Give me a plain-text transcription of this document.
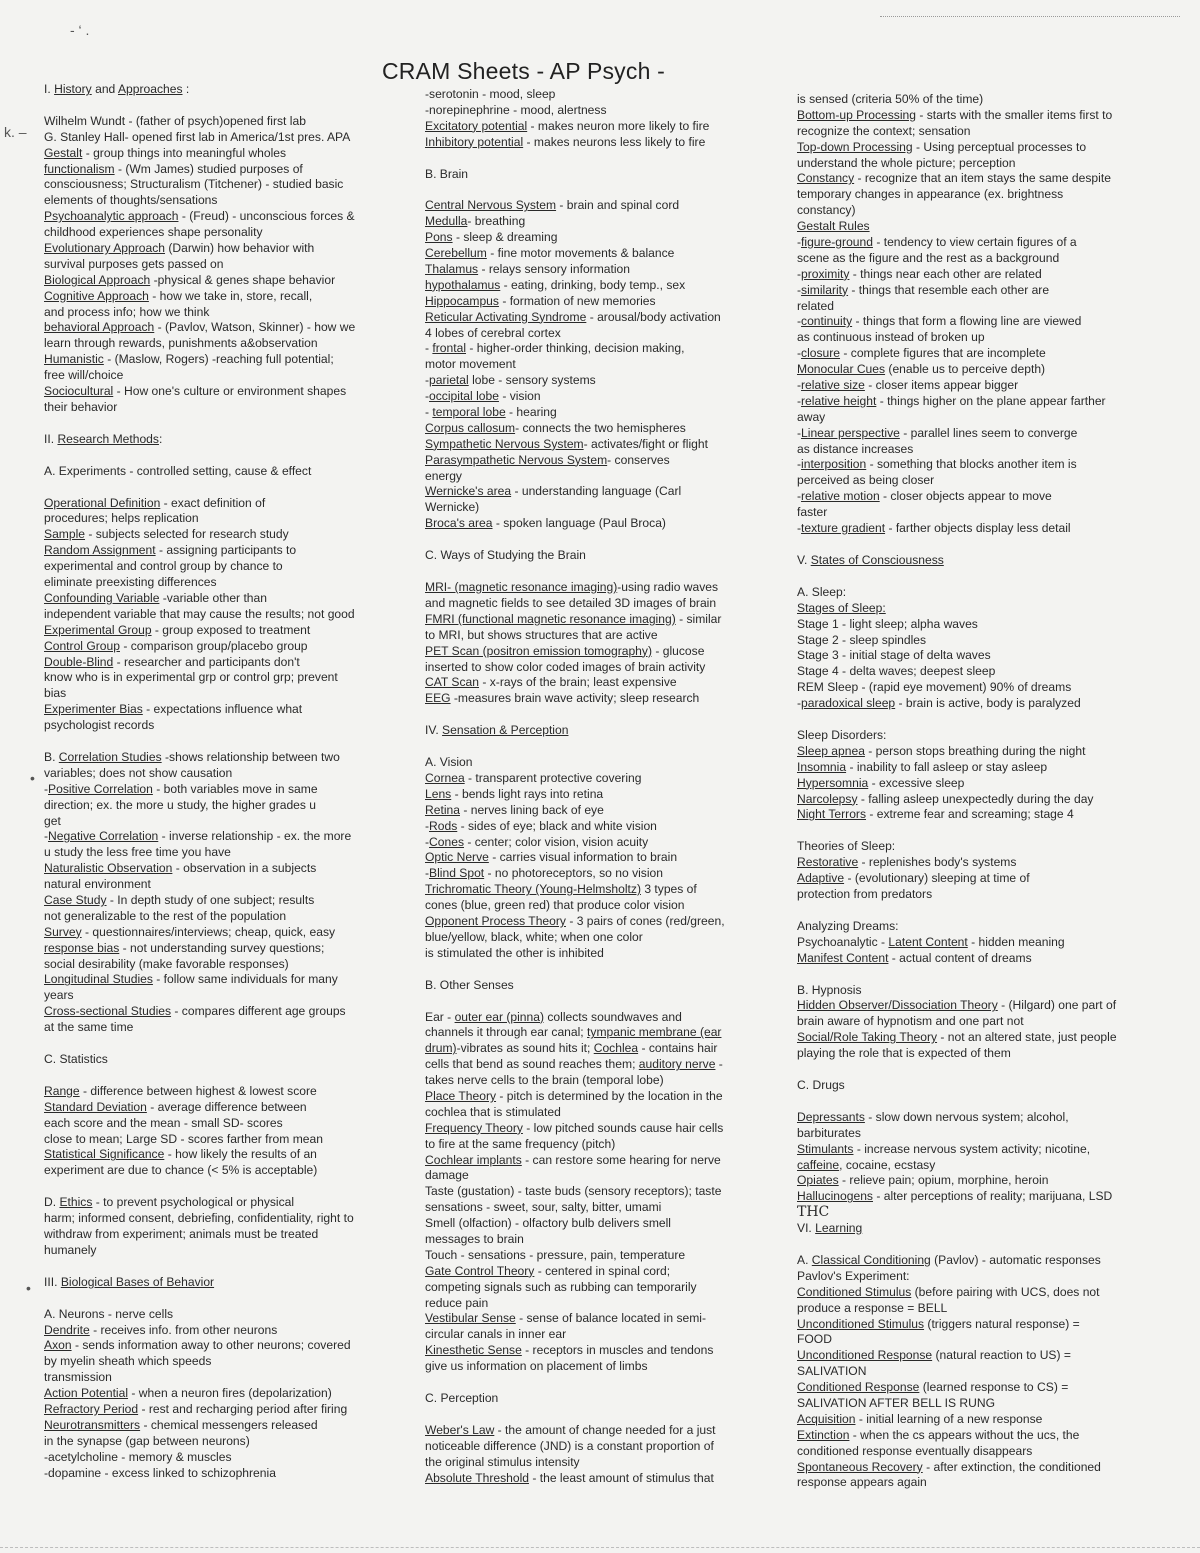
- ‘ .
k. –
•
•
CRAM Sheets - AP Psych -
I. History and Approaches :
Wilhelm Wundt - (father of psych)opened first lab
G. Stanley Hall- opened first lab in America/1st pres. APA
Gestalt - group things into meaningful wholes
functionalism - (Wm James) studied purposes of
consciousness; Structuralism (Titchener) - studied basic
elements of thoughts/sensations
Psychoanalytic approach - (Freud) - unconscious forces &
childhood experiences shape personality
Evolutionary Approach (Darwin) how behavior with
survival purposes gets passed on
Biological Approach -physical & genes shape behavior
Cognitive Approach - how we take in, store, recall,
and process info; how we think
behavioral Approach - (Pavlov, Watson, Skinner) - how we
learn through rewards, punishments a&observation
Humanistic - (Maslow, Rogers) -reaching full potential;
free will/choice
Sociocultural - How one's culture or environment shapes
their behavior
II. Research Methods:
A. Experiments - controlled setting, cause & effect
Operational Definition - exact definition of
procedures; helps replication
Sample - subjects selected for research study
Random Assignment - assigning participants to
experimental and control group by chance to
eliminate preexisting differences
Confounding Variable -variable other than
independent variable that may cause the results; not good
Experimental Group - group exposed to treatment
Control Group - comparison group/placebo group
Double-Blind - researcher and participants don't
know who is in experimental grp or control grp; prevent
bias
Experimenter Bias - expectations influence what
psychologist records
B. Correlation Studies -shows relationship between two
variables; does not show causation
-Positive Correlation - both variables move in same
direction; ex. the more u study, the higher grades u
get
-Negative Correlation - inverse relationship - ex. the more
u study the less free time you have
Naturalistic Observation - observation in a subjects
natural environment
Case Study - In depth study of one subject; results
not generalizable to the rest of the population
Survey - questionnaires/interviews; cheap, quick, easy
response bias - not understanding survey questions;
social desirability (make favorable responses)
Longitudinal Studies - follow same individuals for many
years
Cross-sectional Studies - compares different age groups
at the same time
C. Statistics
Range - difference between highest & lowest score
Standard Deviation - average difference between
each score and the mean - small SD- scores
close to mean; Large SD - scores farther from mean
Statistical Significance - how likely the results of an
experiment are due to chance (< 5% is acceptable)
D. Ethics - to prevent psychological or physical
harm; informed consent, debriefing, confidentiality, right to
withdraw from experiment; animals must be treated
humanely
III. Biological Bases of Behavior
A. Neurons - nerve cells
Dendrite - receives info. from other neurons
Axon - sends information away to other neurons; covered
by myelin sheath which speeds
transmission
Action Potential - when a neuron fires (depolarization)
Refractory Period - rest and recharging period after firing
Neurotransmitters - chemical messengers released
in the synapse (gap between neurons)
-acetylcholine - memory & muscles
-dopamine - excess linked to schizophrenia
-serotonin - mood, sleep
-norepinephrine - mood, alertness
Excitatory potential - makes neuron more likely to fire
Inhibitory potential - makes neurons less likely to fire
B. Brain
Central Nervous System - brain and spinal cord
Medulla- breathing
Pons - sleep & dreaming
Cerebellum - fine motor movements & balance
Thalamus - relays sensory information
hypothalamus - eating, drinking, body temp., sex
Hippocampus - formation of new memories
Reticular Activating Syndrome - arousal/body activation
4 lobes of cerebral cortex
- frontal - higher-order thinking, decision making,
motor movement
-parietal lobe - sensory systems
-occipital lobe - vision
- temporal lobe - hearing
Corpus callosum- connects the two hemispheres
Sympathetic Nervous System- activates/fight or flight
Parasympathetic Nervous System- conserves
energy
Wernicke's area - understanding language (Carl
Wernicke)
Broca's area - spoken language (Paul Broca)
C. Ways of Studying the Brain
MRI- (magnetic resonance imaging)-using radio waves
and magnetic fields to see detailed 3D images of brain
FMRI (functional magnetic resonance imaging) - similar
to MRI, but shows structures that are active
PET Scan (positron emission tomography) - glucose
inserted to show color coded images of brain activity
CAT Scan - x-rays of the brain; least expensive
EEG -measures brain wave activity; sleep research
IV. Sensation & Perception
A. Vision
Cornea - transparent protective covering
Lens - bends light rays into retina
Retina - nerves lining back of eye
-Rods - sides of eye; black and white vision
-Cones - center; color vision, vision acuity
Optic Nerve - carries visual information to brain
-Blind Spot - no photoreceptors, so no vision
Trichromatic Theory (Young-Helmsholtz) 3 types of
cones (blue, green red) that produce color vision
Opponent Process Theory - 3 pairs of cones (red/green,
blue/yellow, black, white; when one color
is stimulated the other is inhibited
B. Other Senses
Ear - outer ear (pinna) collects soundwaves and
channels it through ear canal; tympanic membrane (ear
drum)-vibrates as sound hits it; Cochlea - contains hair
cells that bend as sound reaches them; auditory nerve -
takes nerve cells to the brain (temporal lobe)
Place Theory - pitch is determined by the location in the
cochlea that is stimulated
Frequency Theory - low pitched sounds cause hair cells
to fire at the same frequency (pitch)
Cochlear implants - can restore some hearing for nerve
damage
Taste (gustation) - taste buds (sensory receptors); taste
sensations - sweet, sour, salty, bitter, umami
Smell (olfaction) - olfactory bulb delivers smell
messages to brain
Touch - sensations - pressure, pain, temperature
Gate Control Theory - centered in spinal cord;
competing signals such as rubbing can temporarily
reduce pain
Vestibular Sense - sense of balance located in semi-
circular canals in inner ear
Kinesthetic Sense - receptors in muscles and tendons
give us information on placement of limbs
C. Perception
Weber's Law - the amount of change needed for a just
noticeable difference (JND) is a constant proportion of
the original stimulus intensity
Absolute Threshold - the least amount of stimulus that
is sensed (criteria 50% of the time)
Bottom-up Processing - starts with the smaller items first to
recognize the context; sensation
Top-down Processing - Using perceptual processes to
understand the whole picture; perception
Constancy - recognize that an item stays the same despite
temporary changes in appearance (ex. brightness
constancy)
Gestalt Rules
-figure-ground - tendency to view certain figures of a
scene as the figure and the rest as a background
-proximity - things near each other are related
-similarity - things that resemble each other are
related
-continuity - things that form a flowing line are viewed
as continuous instead of broken up
-closure - complete figures that are incomplete
Monocular Cues (enable us to perceive depth)
-relative size - closer items appear bigger
-relative height - things higher on the plane appear farther
away
-Linear perspective - parallel lines seem to converge
as distance increases
-interposition - something that blocks another item is
perceived as being closer
-relative motion - closer objects appear to move
faster
-texture gradient - farther objects display less detail
V. States of Consciousness
A. Sleep:
Stages of Sleep:
Stage 1 - light sleep; alpha waves
Stage 2 - sleep spindles
Stage 3 - initial stage of delta waves
Stage 4 - delta waves; deepest sleep
REM Sleep - (rapid eye movement) 90% of dreams
-paradoxical sleep - brain is active, body is paralyzed
Sleep Disorders:
Sleep apnea - person stops breathing during the night
Insomnia - inability to fall asleep or stay asleep
Hypersomnia - excessive sleep
Narcolepsy - falling asleep unexpectedly during the day
Night Terrors - extreme fear and screaming; stage 4
Theories of Sleep:
Restorative - replenishes body's systems
Adaptive - (evolutionary) sleeping at time of
protection from predators
Analyzing Dreams:
Psychoanalytic - Latent Content - hidden meaning
Manifest Content - actual content of dreams
B. Hypnosis
Hidden Observer/Dissociation Theory - (Hilgard) one part of
brain aware of hypnotism and one part not
Social/Role Taking Theory - not an altered state, just people
playing the role that is expected of them
C. Drugs
Depressants - slow down nervous system; alcohol,
barbiturates
Stimulants - increase nervous system activity; nicotine,
caffeine, cocaine, ecstasy
Opiates - relieve pain; opium, morphine, heroin
Hallucinogens - alter perceptions of reality; marijuana, LSD
THC
VI. Learning
A. Classical Conditioning (Pavlov) - automatic responses
Pavlov's Experiment:
Conditioned Stimulus (before pairing with UCS, does not
produce a response = BELL
Unconditioned Stimulus (triggers natural response) =
FOOD
Unconditioned Response (natural reaction to US) =
SALIVATION
Conditioned Response (learned response to CS) =
SALIVATION AFTER BELL IS RUNG
Acquisition - initial learning of a new response
Extinction - when the cs appears without the ucs, the
conditioned response eventually disappears
Spontaneous Recovery - after extinction, the conditioned
response appears again
